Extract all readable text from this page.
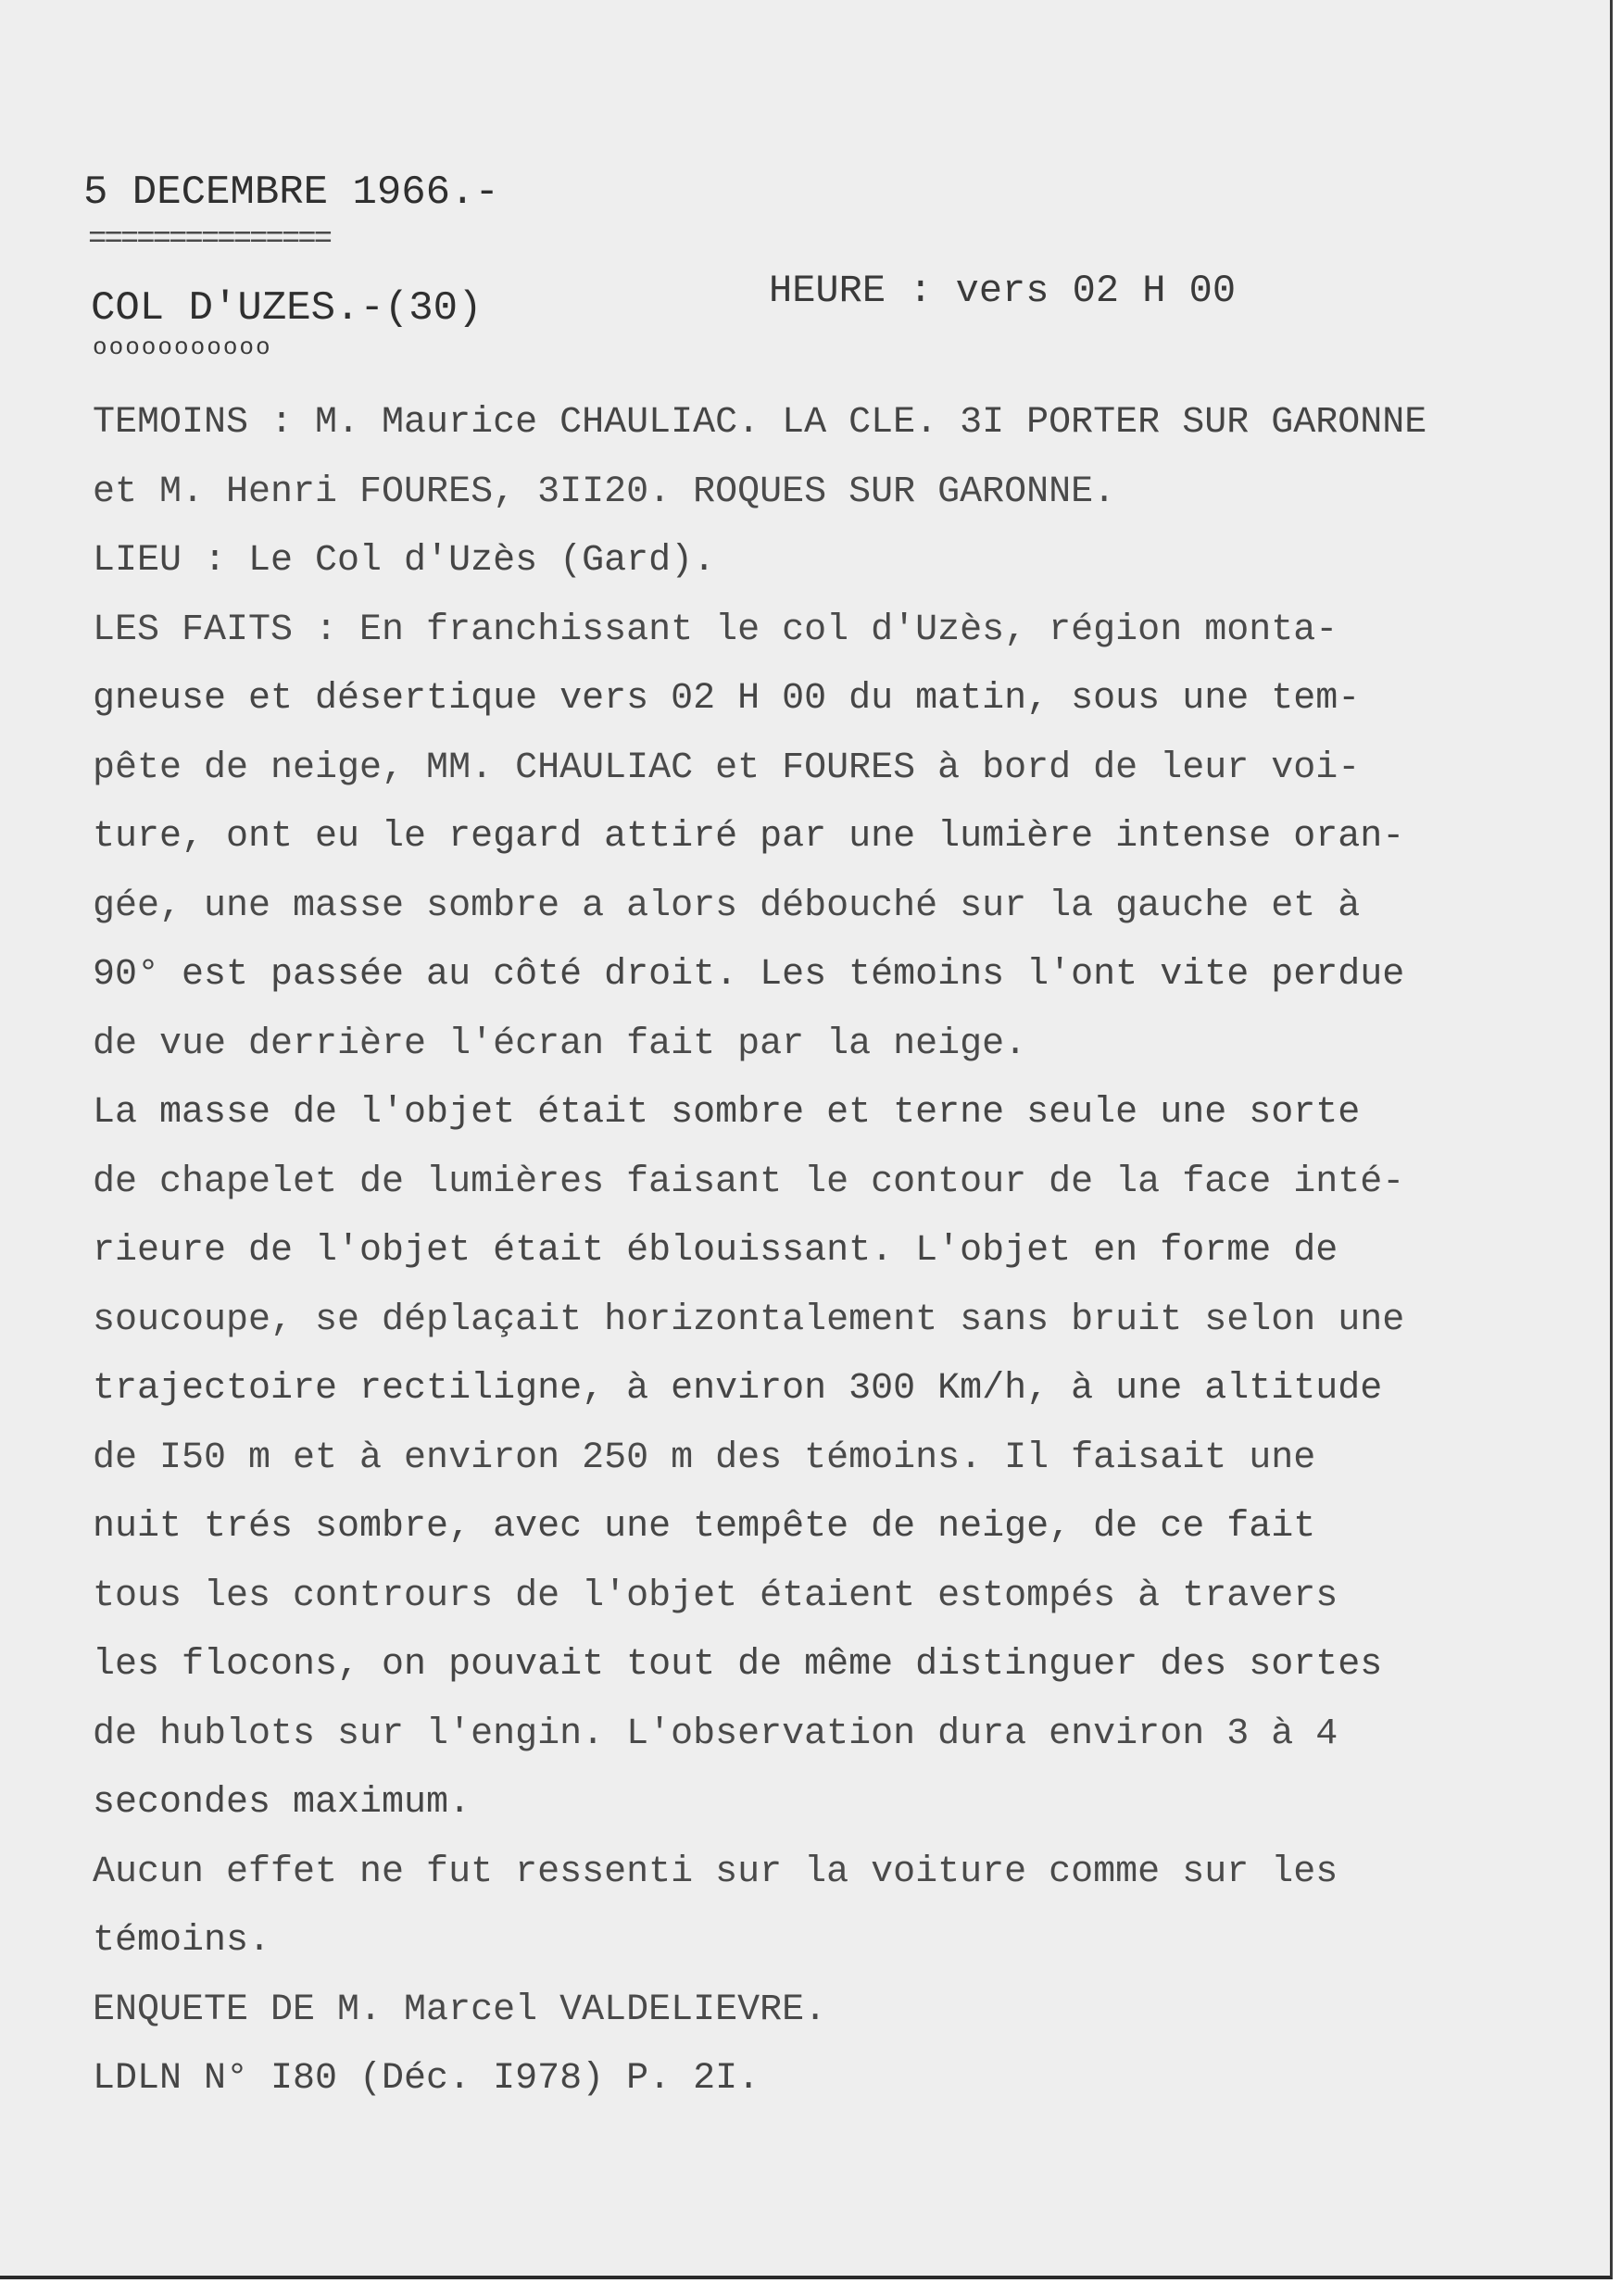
5 DECEMBRE 1966.-
===============
COL D'UZES.-(30)	HEURE : vers 02 H 00
ooooooooooo
TEMOINS : M. Maurice CHAULIAC. LA CLE. 3I PORTER SUR GARONNE
et M. Henri FOURES, 3II20. ROQUES SUR GARONNE.
LIEU : Le Col d'Uzès (Gard).
LES FAITS : En franchissant le col d'Uzès, région monta-
gneuse et désertique vers 02 H 00 du matin, sous une tem-
pête de neige, MM. CHAULIAC et FOURES à bord de leur voi-
ture, ont eu le regard attiré par une lumière intense oran-
gée, une masse sombre a alors débouché sur la gauche et à
90° est passée au côté droit. Les témoins l'ont vite perdue
de vue derrière l'écran fait par la neige.
La masse de l'objet était sombre et terne seule une sorte
de chapelet de lumières faisant le contour de la face inté-
rieure de l'objet était éblouissant. L'objet en forme de
soucoupe, se déplaçait horizontalement sans bruit selon une
trajectoire rectiligne, à environ 300 Km/h, à une altitude
de I50 m et à environ 250 m des témoins. Il faisait une
nuit trés sombre, avec une tempête de neige, de ce fait
tous les contrours de l'objet étaient estompés à travers
les flocons, on pouvait tout de même distinguer des sortes
de hublots sur l'engin. L'observation dura environ 3 à 4
secondes maximum.
Aucun effet ne fut ressenti sur la voiture comme sur les
témoins.
ENQUETE DE M. Marcel VALDELIEVRE.
LDLN N° I80 (Déc. I978) P. 2I.
